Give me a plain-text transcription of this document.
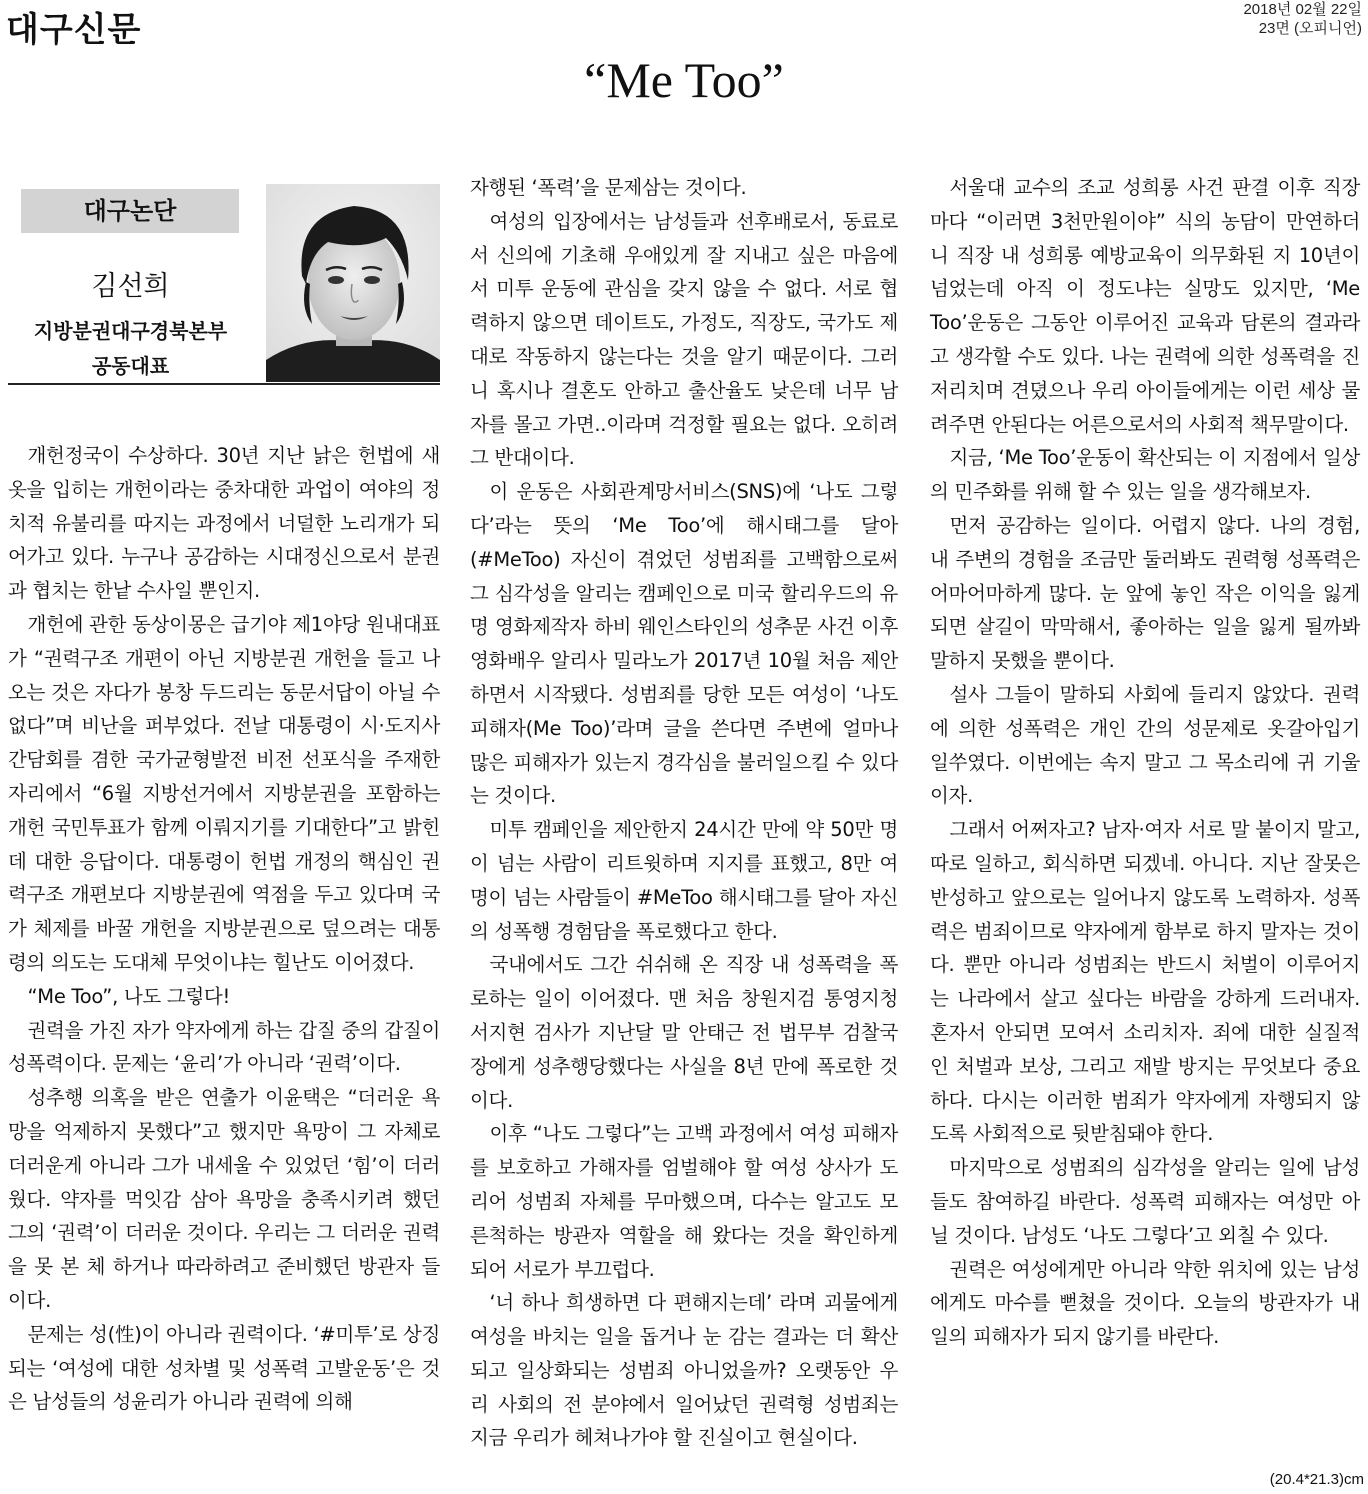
대구신문
2018년 02월 22일
23면 (오피니언)
“Me Too”
대구논단
김선희
지방분권대구경북본부
공동대표

개헌정국이 수상하다. 30년 지난 낡은 헌법에 새 옷을 입히는 개헌이라는 중차대한 과업이 여야의 정치적 유불리를 따지는 과정에서 너덜한 노리개가 되어가고 있다. 누구나 공감하는 시대정신으로서 분권과 협치는 한낱 수사일 뿐인지.

개헌에 관한 동상이몽은 급기야 제1야당 원내대표가 “권력구조 개편이 아닌 지방분권 개헌을 들고 나오는 것은 자다가 봉창 두드리는 동문서답이 아닐 수 없다”며 비난을 퍼부었다. 전날 대통령이 시·도지사 간담회를 겸한 국가균형발전 비전 선포식을 주재한 자리에서 “6월 지방선거에서 지방분권을 포함하는 개헌 국민투표가 함께 이뤄지기를 기대한다”고 밝힌데 대한 응답이다. 대통령이 헌법 개정의 핵심인 권력구조 개편보다 지방분권에 역점을 두고 있다며 국가 체제를 바꿀 개헌을 지방분권으로 덮으려는 대통령의 의도는 도대체 무엇이냐는 힐난도 이어졌다.

“Me Too”, 나도 그렇다!

권력을 가진 자가 약자에게 하는 갑질 중의 갑질이 성폭력이다. 문제는 ‘윤리’가 아니라 ‘권력’이다.

성추행 의혹을 받은 연출가 이윤택은 “더러운 욕망을 억제하지 못했다”고 했지만 욕망이 그 자체로 더러운게 아니라 그가 내세울 수 있었던 ‘힘’이 더러웠다. 약자를 먹잇감 삼아 욕망을 충족시키려 했던 그의 ‘권력’이 더러운 것이다. 우리는 그 더러운 권력을 못 본 체 하거나 따라하려고 준비했던 방관자 들이다.

문제는 성(性)이 아니라 권력이다. ‘#미투’로 상징되는 ‘여성에 대한 성차별 및 성폭력 고발운동’은 것은 남성들의 성윤리가 아니라 권력에 의해

자행된 ‘폭력’을 문제삼는 것이다.

여성의 입장에서는 남성들과 선후배로서, 동료로서 신의에 기초해 우애있게 잘 지내고 싶은 마음에서 미투 운동에 관심을 갖지 않을 수 없다. 서로 협력하지 않으면 데이트도, 가정도, 직장도, 국가도 제대로 작동하지 않는다는 것을 알기 때문이다. 그러니 혹시나 결혼도 안하고 출산율도 낮은데 너무 남자를 몰고 가면..이라며 걱정할 필요는 없다. 오히려 그 반대이다.

이 운동은 사회관계망서비스(SNS)에 ‘나도 그렇다’라는 뜻의 ‘Me Too’에 해시태그를 달아(#MeToo) 자신이 겪었던 성범죄를 고백함으로써 그 심각성을 알리는 캠페인으로 미국 할리우드의 유명 영화제작자 하비 웨인스타인의 성추문 사건 이후 영화배우 알리사 밀라노가 2017년 10월 처음 제안하면서 시작됐다. 성범죄를 당한 모든 여성이 ‘나도 피해자(Me Too)’라며 글을 쓴다면 주변에 얼마나 많은 피해자가 있는지 경각심을 불러일으킬 수 있다는 것이다.

미투 캠페인을 제안한지 24시간 만에 약 50만 명이 넘는 사람이 리트윗하며 지지를 표했고, 8만 여 명이 넘는 사람들이 #MeToo 해시태그를 달아 자신의 성폭행 경험담을 폭로했다고 한다.

국내에서도 그간 쉬쉬해 온 직장 내 성폭력을 폭로하는 일이 이어졌다. 맨 처음 창원지검 통영지청 서지현 검사가 지난달 말 안태근 전 법무부 검찰국장에게 성추행당했다는 사실을 8년 만에 폭로한 것이다.

이후 “나도 그렇다”는 고백 과정에서 여성 피해자를 보호하고 가해자를 엄벌해야 할 여성 상사가 도리어 성범죄 자체를 무마했으며, 다수는 알고도 모른척하는 방관자 역할을 해 왔다는 것을 확인하게 되어 서로가 부끄럽다.

‘너 하나 희생하면 다 편해지는데’ 라며 괴물에게 여성을 바치는 일을 돕거나 눈 감는 결과는 더 확산되고 일상화되는 성범죄 아니었을까? 오랫동안 우리 사회의 전 분야에서 일어났던 권력형 성범죄는 지금 우리가 헤쳐나가야 할 진실이고 현실이다.

서울대 교수의 조교 성희롱 사건 판결 이후 직장마다 “이러면 3천만원이야” 식의 농담이 만연하더니 직장 내 성희롱 예방교육이 의무화된 지 10년이 넘었는데 아직 이 정도냐는 실망도 있지만, ‘Me Too’운동은 그동안 이루어진 교육과 담론의 결과라고 생각할 수도 있다. 나는 권력에 의한 성폭력을 진저리치며 견뎠으나 우리 아이들에게는 이런 세상 물려주면 안된다는 어른으로서의 사회적 책무말이다.

지금, ‘Me Too’운동이 확산되는 이 지점에서 일상의 민주화를 위해 할 수 있는 일을 생각해보자.

먼저 공감하는 일이다. 어렵지 않다. 나의 경험, 내 주변의 경험을 조금만 둘러봐도 권력형 성폭력은 어마어마하게 많다. 눈 앞에 놓인 작은 이익을 잃게 되면 살길이 막막해서, 좋아하는 일을 잃게 될까봐 말하지 못했을 뿐이다.

설사 그들이 말하되 사회에 들리지 않았다. 권력에 의한 성폭력은 개인 간의 성문제로 옷갈아입기 일쑤였다. 이번에는 속지 말고 그 목소리에 귀 기울이자.

그래서 어쩌자고? 남자·여자 서로 말 붙이지 말고, 따로 일하고, 회식하면 되겠네. 아니다. 지난 잘못은 반성하고 앞으로는 일어나지 않도록 노력하자. 성폭력은 범죄이므로 약자에게 함부로 하지 말자는 것이다. 뿐만 아니라 성범죄는 반드시 처벌이 이루어지는 나라에서 살고 싶다는 바람을 강하게 드러내자. 혼자서 안되면 모여서 소리치자. 죄에 대한 실질적인 처벌과 보상, 그리고 재발 방지는 무엇보다 중요하다. 다시는 이러한 범죄가 약자에게 자행되지 않도록 사회적으로 뒷받침돼야 한다.

마지막으로 성범죄의 심각성을 알리는 일에 남성들도 참여하길 바란다. 성폭력 피해자는 여성만 아닐 것이다. 남성도 ‘나도 그렇다’고 외칠 수 있다.

권력은 여성에게만 아니라 약한 위치에 있는 남성에게도 마수를 뻗쳤을 것이다. 오늘의 방관자가 내일의 피해자가 되지 않기를 바란다.

(20.4*21.3)cm
